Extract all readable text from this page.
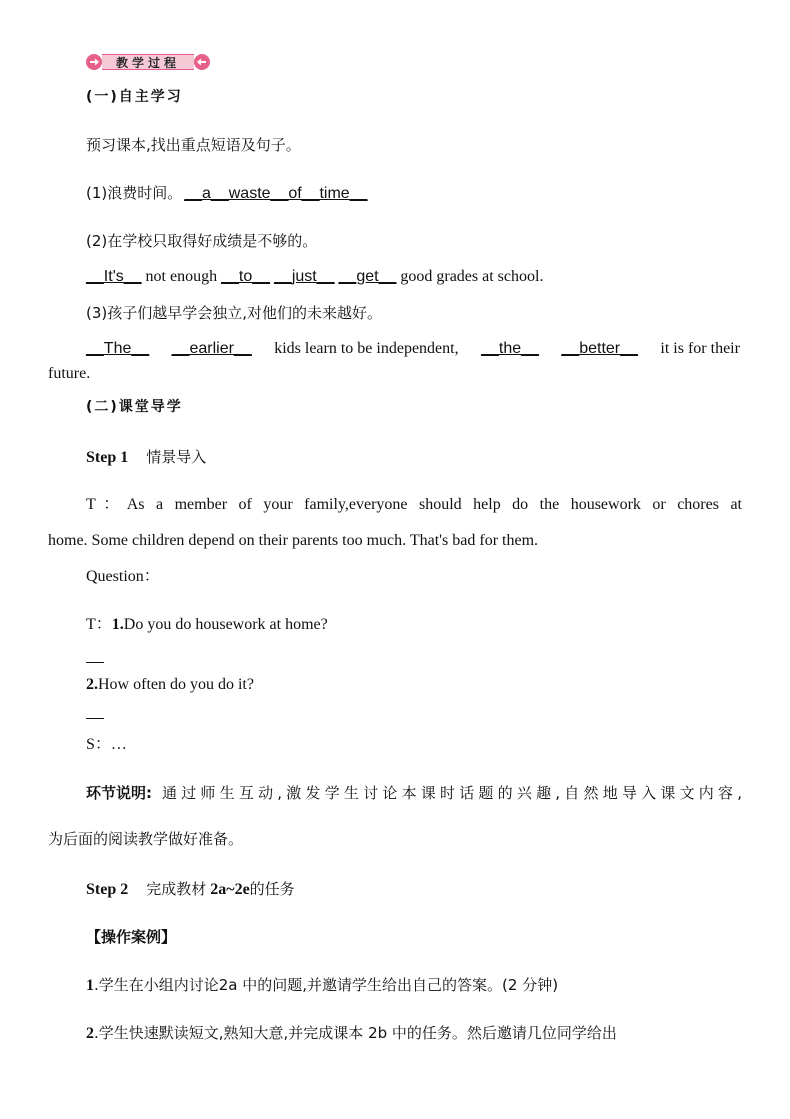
教学过程
(一)自主学习
预习课本,找出重点短语及句子。
(1)浪费时间。 __a__waste__of__time__
(2)在学校只取得好成绩是不够的。
__It's__ not enough __to__ __just__ __get__ good grades at school.
(3)孩子们越早学会独立,对他们的未来越好。
__The__ __earlier__ kids learn to be independent, __the__ __better__ it is for their
future.
(二)课堂导学
Step 1 情景导入
T：As a member of your family,everyone should help do the housework or chores at
home. Some children depend on their parents too much. That's bad for them.
Question：
T：1.Do you do housework at home?
2.How often do you do it?
S：…
环节说明: 通过师生互动,激发学生讨论本课时话题的兴趣,自然地导入课文内容,
为后面的阅读教学做好准备。
Step 2 完成教材 2a~2e的任务
【操作案例】
1.学生在小组内讨论2a 中的问题,并邀请学生给出自己的答案。(2 分钟)
2.学生快速默读短文,熟知大意,并完成课本 2b 中的任务。然后邀请几位同学给出
